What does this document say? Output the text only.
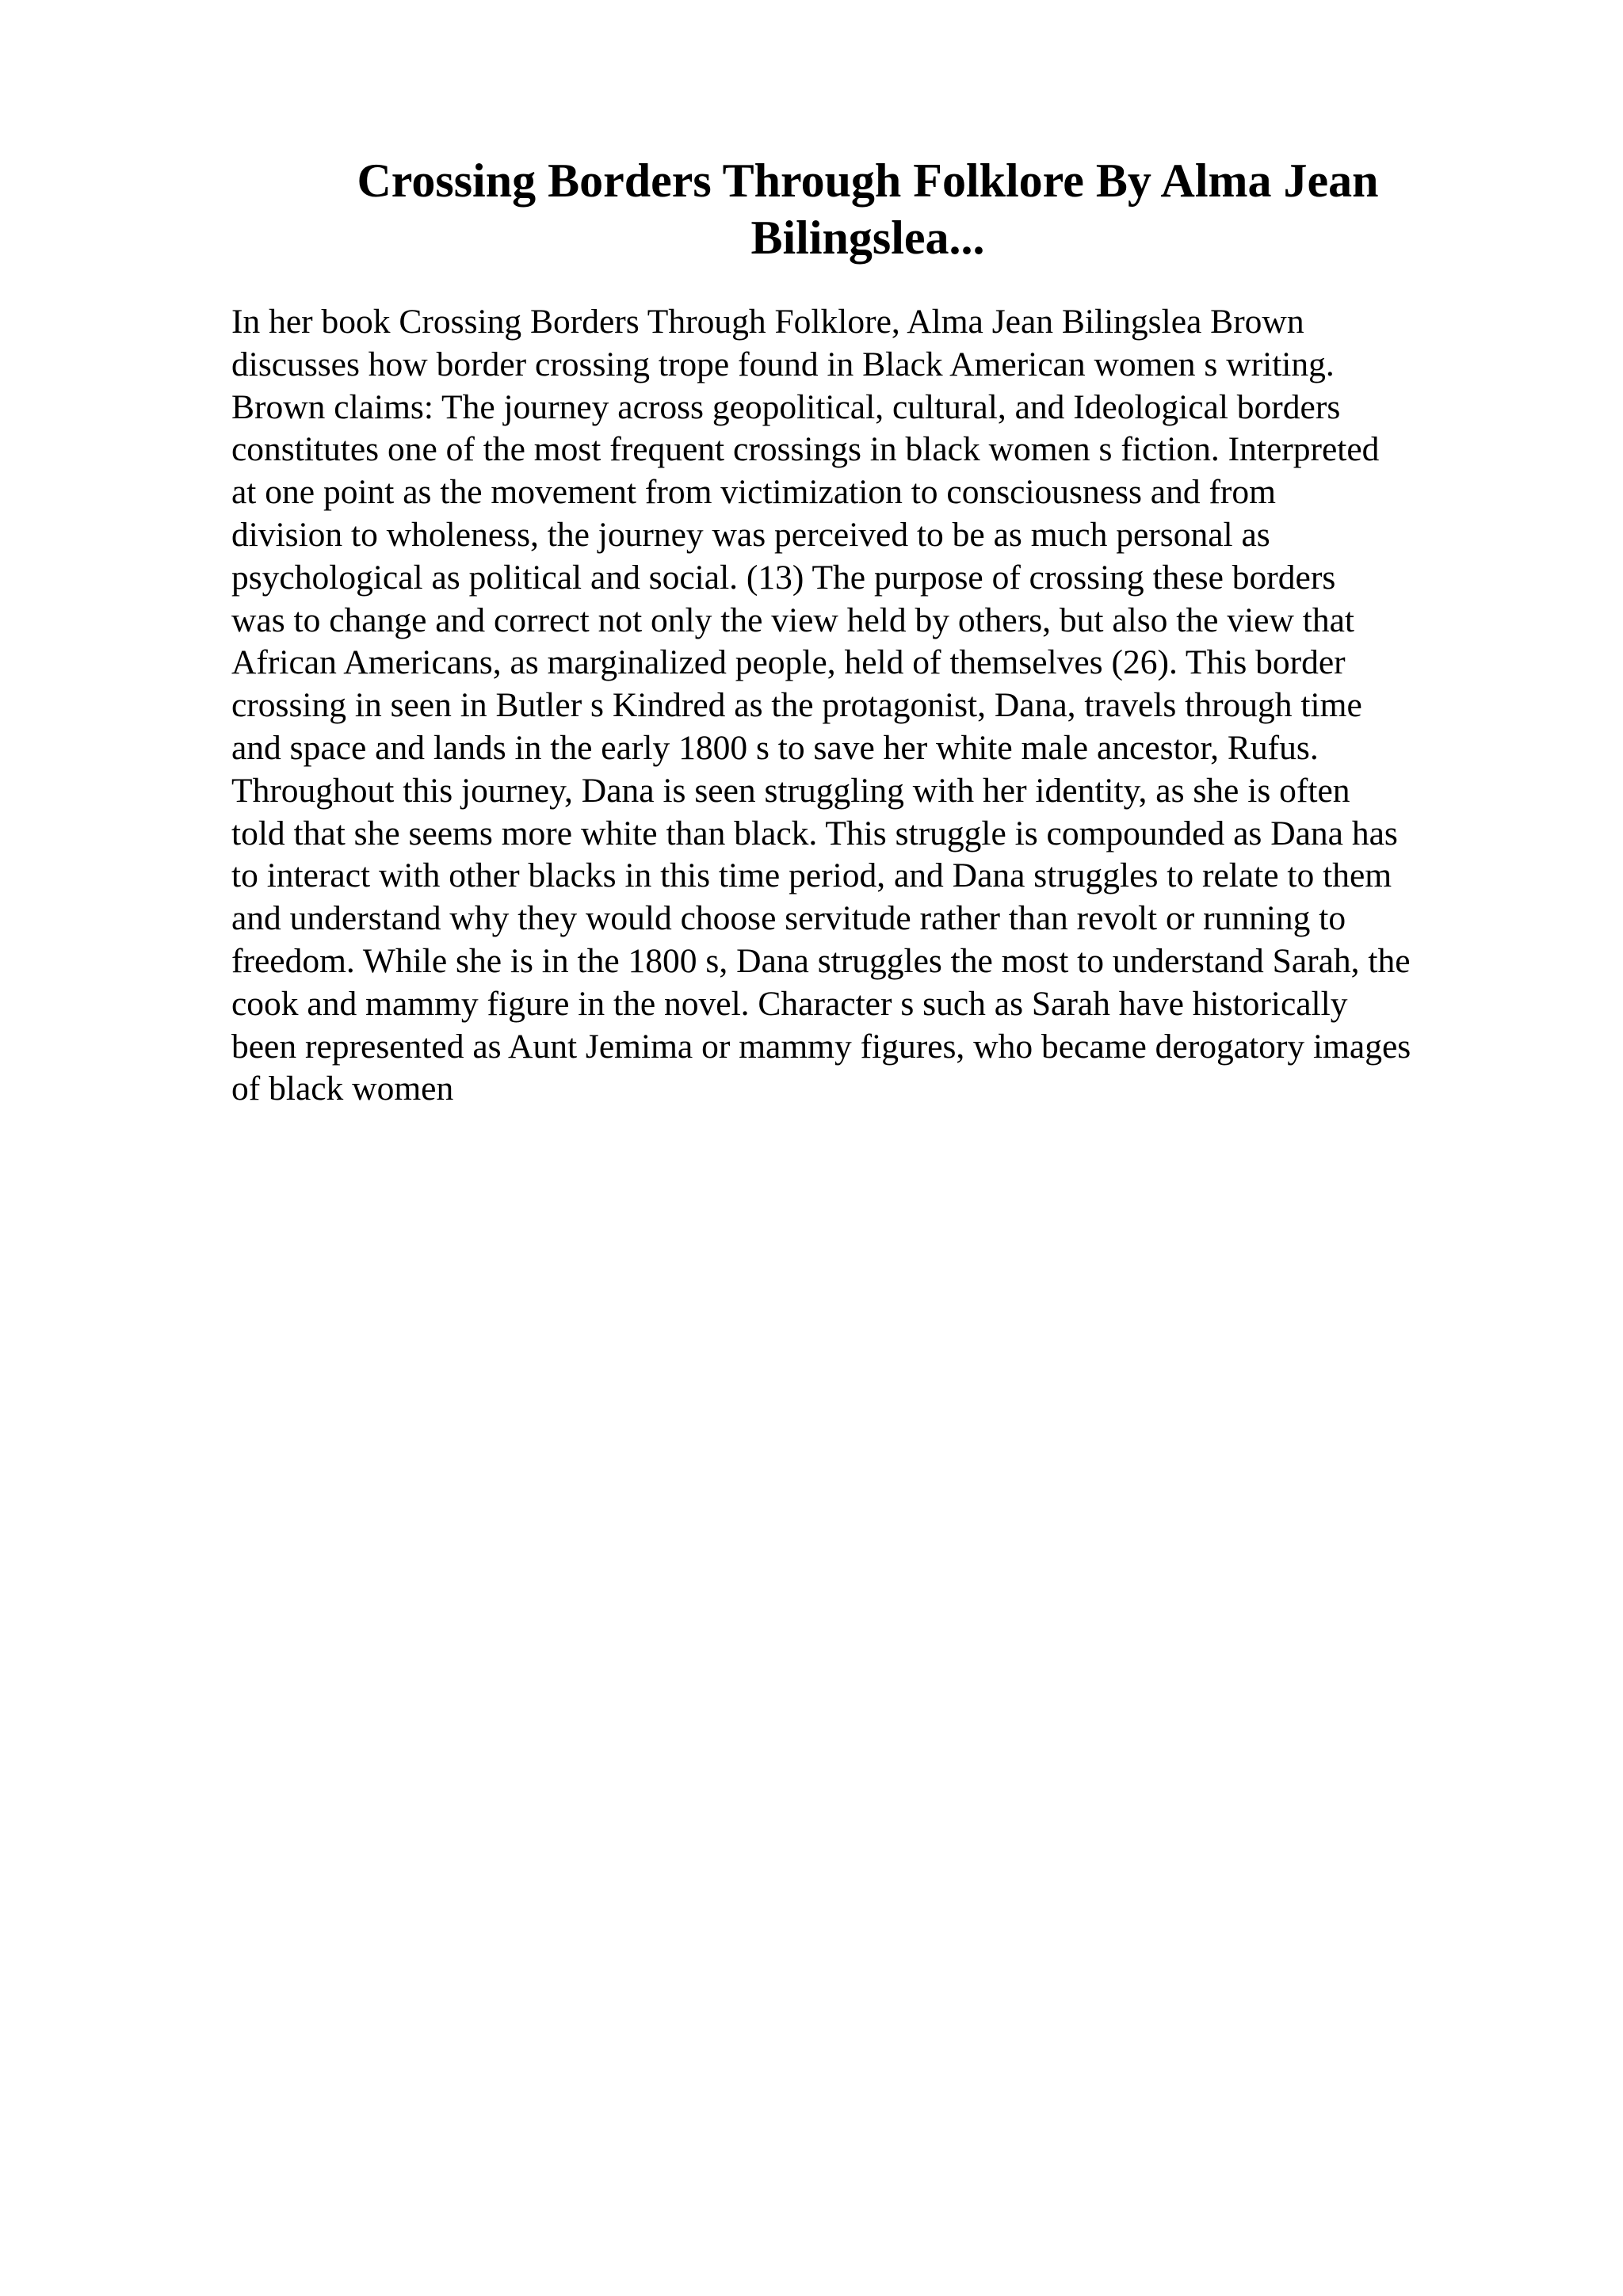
Crossing Borders Through Folklore By Alma Jean
Bilingslea...
In her book Crossing Borders Through Folklore, Alma Jean Bilingslea Brown
discusses how border crossing trope found in Black American women s writing.
Brown claims: The journey across geopolitical, cultural, and Ideological borders
constitutes one of the most frequent crossings in black women s fiction. Interpreted
at one point as the movement from victimization to consciousness and from
division to wholeness, the journey was perceived to be as much personal as
psychological as political and social. (13) The purpose of crossing these borders
was to change and correct not only the view held by others, but also the view that
African Americans, as marginalized people, held of themselves (26). This border
crossing in seen in Butler s Kindred as the protagonist, Dana, travels through time
and space and lands in the early 1800 s to save her white male ancestor, Rufus.
Throughout this journey, Dana is seen struggling with her identity, as she is often
told that she seems more white than black. This struggle is compounded as Dana has
to interact with other blacks in this time period, and Dana struggles to relate to them
and understand why they would choose servitude rather than revolt or running to
freedom. While she is in the 1800 s, Dana struggles the most to understand Sarah, the
cook and mammy figure in the novel. Character s such as Sarah have historically
been represented as Aunt Jemima or mammy figures, who became derogatory images
of black women
